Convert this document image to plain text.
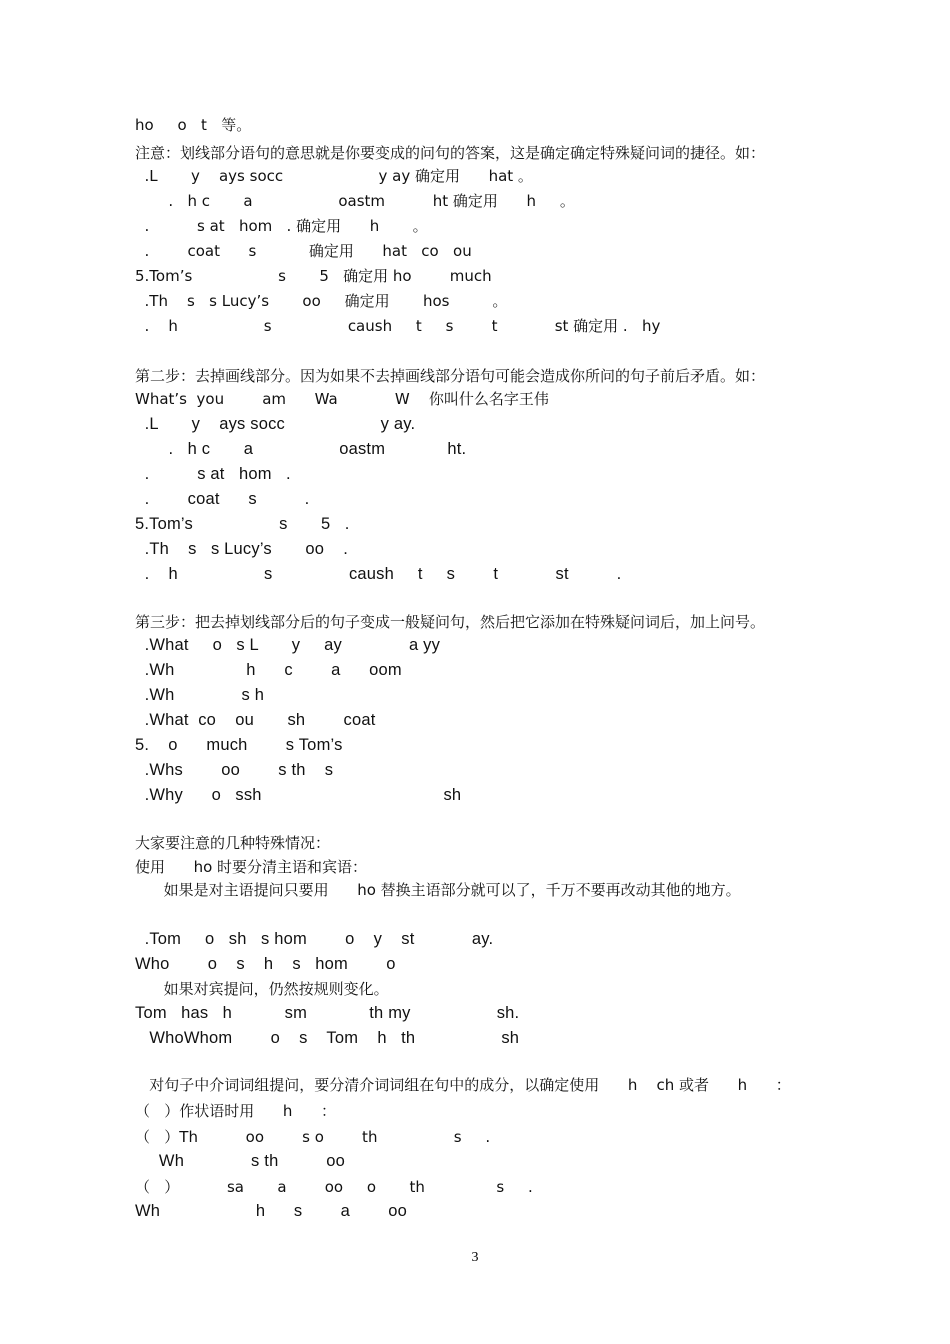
ho     o   t   等。
注意：划线部分语句的意思就是你要变成的问句的答案，这是确定确定特殊疑问词的捷径。如：
.L       y    ays socc                    y ay 确定用      hat 。
.   h c       a                  oastm          ht 确定用      h     。
.          s at   hom   . 确定用      h       。
.        coat      s           确定用      hat   co   ou
5.Tom’s                  s       5   确定用 ho        much
.Th    s   s Lucy’s       oo     确定用       hos         。
.    h                  s                caush     t     s        t            st 确定用 .   hy
第二步：去掉画线部分。因为如果不去掉画线部分语句可能会造成你所问的句子前后矛盾。如：
What’s  you        am      Wa            W    你叫什么名字王伟
.L       y    ays socc                    y ay.
.   h c       a                  oastm             ht.
.          s at   hom   .
.        coat      s          .
5.Tom’s                  s       5   .
.Th    s   s Lucy’s       oo    .
.    h                  s                caush     t     s        t            st          .
第三步：把去掉划线部分后的句子变成一般疑问句，然后把它添加在特殊疑问词后，加上问号。
.What     o   s L       y     ay              a yy
.Wh               h      c        a      oom
.Wh              s h
.What  co    ou       sh        coat
5.    o      much        s Tom’s
.Whs        oo        s th    s
.Why      o   ssh                                      sh
大家要注意的几种特殊情况：
使用      ho 时要分清主语和宾语：
如果是对主语提问只要用      ho 替换主语部分就可以了，千万不要再改动其他的地方。
.Tom     o   sh   s hom        o    y    st            ay.
Who        o    s    h    s   hom        o
如果对宾提问，仍然按规则变化。
Tom   has   h           sm             th my                  sh.
WhoWhom        o    s    Tom    h   th                  sh
对句子中介词词组提问，要分清介词词组在句中的成分，以确定使用      h    ch 或者      h      ：
（   ）作状语时用      h      ：
（   ）Th          oo        s o        th                s     .
Wh              s th          oo
（   ）          sa       a        oo     o       th               s     .
Wh                    h      s        a        oo
3
